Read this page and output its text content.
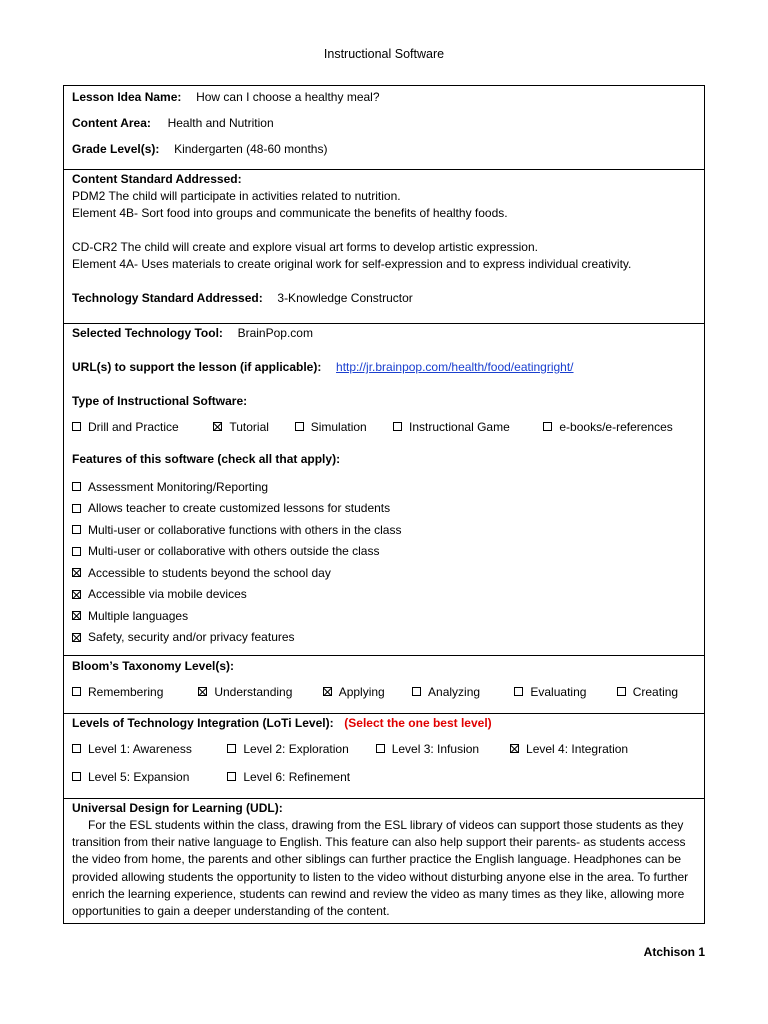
Instructional Software
Lesson Idea Name: How can I choose a healthy meal?
Content Area: Health and Nutrition
Grade Level(s): Kindergarten (48-60 months)
Content Standard Addressed:
PDM2 The child will participate in activities related to nutrition.
Element 4B- Sort food into groups and communicate the benefits of healthy foods.
CD-CR2 The child will create and explore visual art forms to develop artistic expression.
Element 4A- Uses materials to create original work for self-expression and to express individual creativity.
Technology Standard Addressed: 3-Knowledge Constructor
Selected Technology Tool: BrainPop.com
URL(s) to support the lesson (if applicable): http://jr.brainpop.com/health/food/eatingright/
Type of Instructional Software:
Drill and Practice
	Tutorial
	Simulation
	Instructional Game
	e-books/e-references
Features of this software (check all that apply):
Assessment Monitoring/Reporting
Allows teacher to create customized lessons for students
Multi-user or collaborative functions with others in the class
Multi-user or collaborative with others outside the class
Accessible to students beyond the school day
Accessible via mobile devices
Multiple languages
Safety, security and/or privacy features
Bloom’s Taxonomy Level(s):
Remembering
	Understanding
	Applying
	Analyzing
	Evaluating
	Creating
Levels of Technology Integration (LoTi Level): (Select the one best level)
Level 1: Awareness
	Level 2: Exploration
	Level 3: Infusion
	Level 4: Integration
Level 5: Expansion
	Level 6: Refinement
Universal Design for Learning (UDL):

For the ESL students within the class, drawing from the ESL library of videos can support those students as they transition from their native language to English. This feature can also help support their parents- as students access the video from home, the parents and other siblings can further practice the English language. Headphones can be provided allowing students the opportunity to listen to the video without disturbing anyone else in the area. To further enrich the learning experience, students can rewind and review the video as many times as they like, allowing more opportunities to gain a deeper understanding of the content.

Atchison 1
